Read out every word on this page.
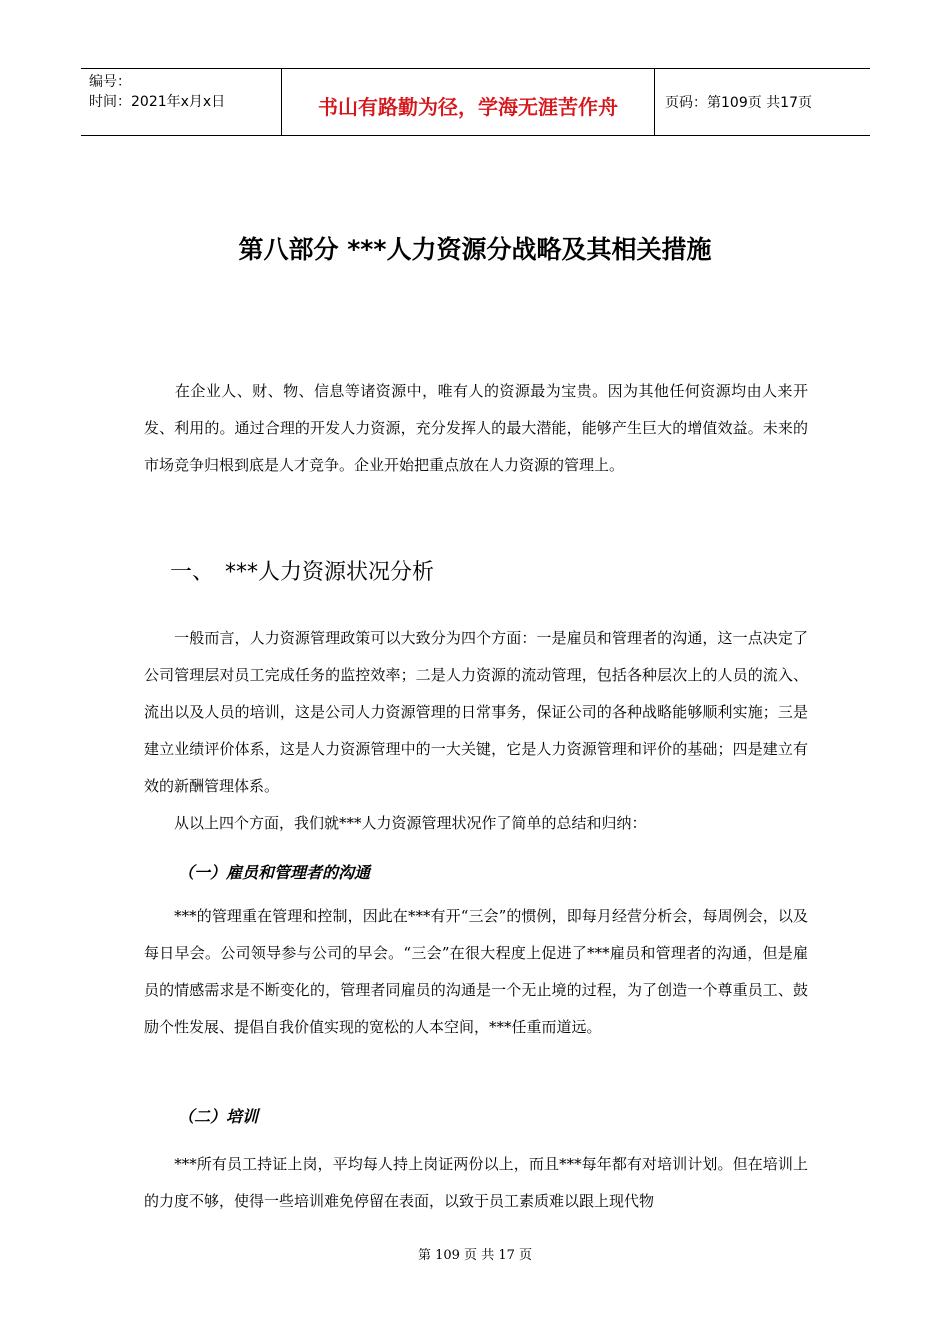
编号：
时间：2021年x月x日	书山有路勤为径，学海无涯苦作舟	页码：第109页 共17页
第八部分 ***人力资源分战略及其相关措施

　　在企业人、财、物、信息等诸资源中，唯有人的资源最为宝贵。因为其他任何资源均由人来开发、利用的。通过合理的开发人力资源，充分发挥人的最大潜能，能够产生巨大的增值效益。未来的市场竞争归根到底是人才竞争。企业开始把重点放在人力资源的管理上。

一、　***人力资源状况分析

　　一般而言，人力资源管理政策可以大致分为四个方面：一是雇员和管理者的沟通，这一点决定了公司管理层对员工完成任务的监控效率；二是人力资源的流动管理，包括各种层次上的人员的流入、流出以及人员的培训，这是公司人力资源管理的日常事务，保证公司的各种战略能够顺利实施；三是建立业绩评价体系，这是人力资源管理中的一大关键，它是人力资源管理和评价的基础；四是建立有效的新酬管理体系。

　　从以上四个方面，我们就***人力资源管理状况作了简单的总结和归纳：

（一）雇员和管理者的沟通

　　***的管理重在管理和控制，因此在***有开“三会”的惯例，即每月经营分析会，每周例会，以及每日早会。公司领导参与公司的早会。“三会”在很大程度上促进了***雇员和管理者的沟通，但是雇员的情感需求是不断变化的，管理者同雇员的沟通是一个无止境的过程，为了创造一个尊重员工、鼓励个性发展、提倡自我价值实现的宽松的人本空间，***任重而道远。

（二）培训

　　***所有员工持证上岗，平均每人持上岗证两份以上，而且***每年都有对培训计划。但在培训上的力度不够，使得一些培训难免停留在表面，以致于员工素质难以跟上现代物

第 109 页 共 17 页
